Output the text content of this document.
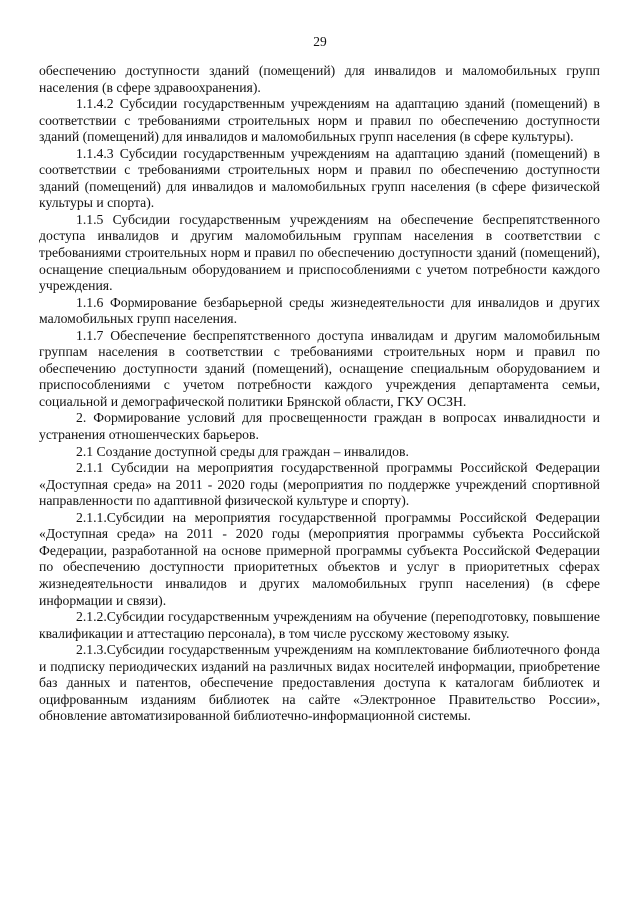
29

обеспечению доступности зданий (помещений) для инвалидов и маломобильных групп населения (в сфере здравоохранения).

1.1.4.2 Субсидии государственным учреждениям на адаптацию зданий (помещений) в соответствии с требованиями строительных норм и правил по обеспечению доступности зданий (помещений) для инвалидов и маломобильных групп населения (в сфере культуры).

1.1.4.3 Субсидии государственным учреждениям на адаптацию зданий (помещений) в соответствии с требованиями строительных норм и правил по обеспечению доступности зданий (помещений) для инвалидов и маломобильных групп населения (в сфере физической культуры и спорта).

1.1.5 Субсидии государственным учреждениям на обеспечение беспрепятственного доступа инвалидов и другим маломобильным группам населения в соответствии с требованиями строительных норм и правил по обеспечению доступности зданий (помещений), оснащение специальным оборудованием и приспособлениями с учетом потребности каждого учреждения.

1.1.6 Формирование безбарьерной среды жизнедеятельности для инвалидов и других маломобильных групп населения.

1.1.7 Обеспечение беспрепятственного доступа инвалидам и другим маломобильным группам населения в соответствии с требованиями строительных норм и правил по обеспечению доступности зданий (помещений), оснащение специальным оборудованием и приспособлениями с учетом потребности каждого учреждения департамента семьи, социальной и демографической политики Брянской области, ГКУ ОСЗН.

2. Формирование условий для просвещенности граждан в вопросах инвалидности и устранения отношенческих барьеров.

2.1 Создание доступной среды для граждан – инвалидов.

2.1.1 Субсидии на мероприятия государственной программы Российской Федерации «Доступная среда» на 2011 - 2020 годы (мероприятия по поддержке учреждений спортивной направленности по адаптивной физической культуре и спорту).

2.1.1.Субсидии на мероприятия государственной программы Российской Федерации «Доступная среда» на 2011 - 2020 годы (мероприятия программы субъекта Российской Федерации, разработанной на основе примерной программы субъекта Российской Федерации по обеспечению доступности приоритетных объектов и услуг в приоритетных сферах жизнедеятельности инвалидов и других маломобильных групп населения) (в сфере информации и связи).

2.1.2.Субсидии государственным учреждениям на обучение (переподготовку, повышение квалификации и аттестацию персонала), в том числе русскому жестовому языку.

2.1.3.Субсидии государственным учреждениям на комплектование библиотечного фонда и подписку периодических изданий на различных видах носителей информации, приобретение баз данных и патентов, обеспечение предоставления доступа к каталогам библиотек и оцифрованным изданиям библиотек на сайте «Электронное Правительство России», обновление автоматизированной библиотечно-информационной системы.
